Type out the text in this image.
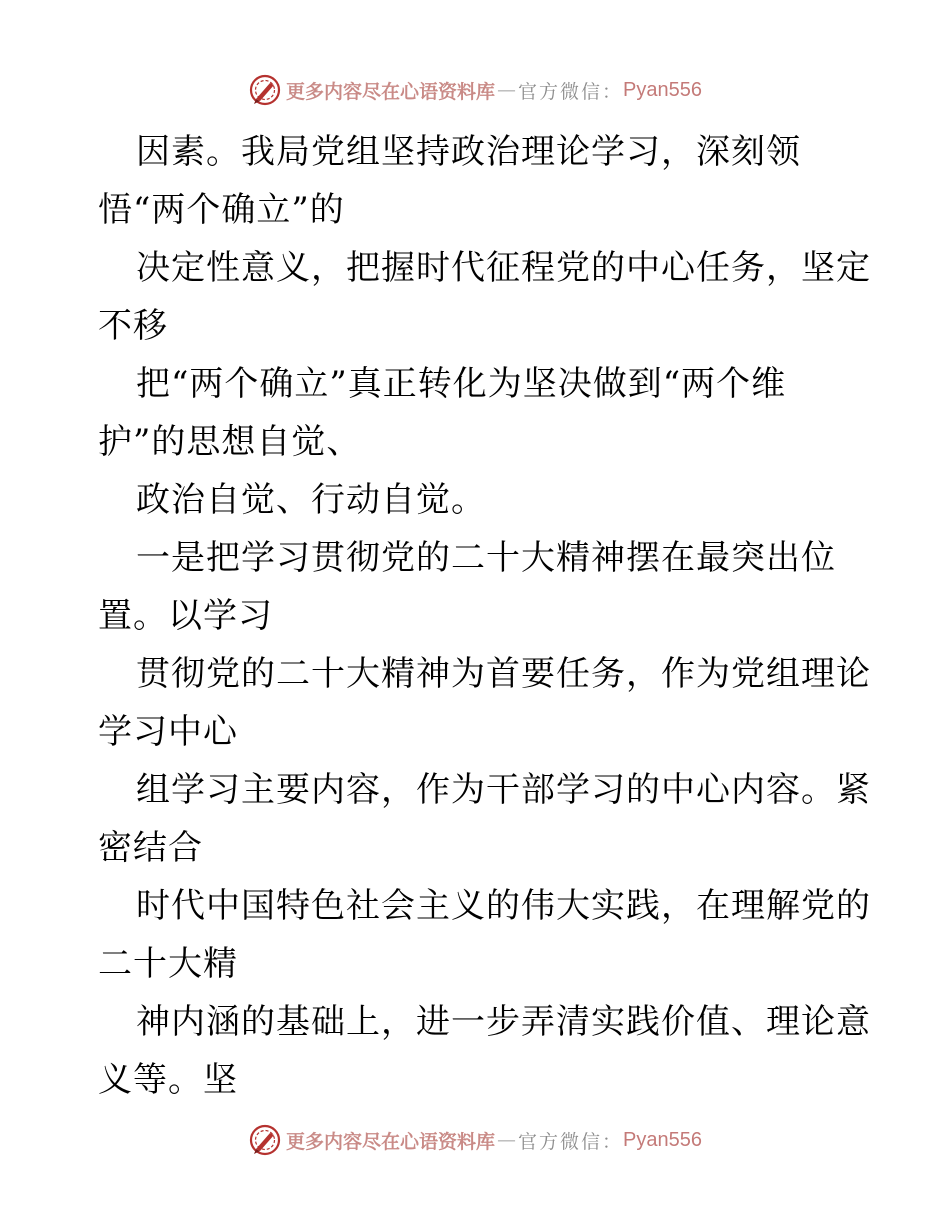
更多内容尽在心语资料库 — 官方微信： Pyan556
因素。我局党组坚持政治理论学习，深刻领
悟“两个确立”的
决定性意义，把握时代征程党的中心任务，坚定
不移
把“两个确立”真正转化为坚决做到“两个维
护”的思想自觉、
政治自觉、行动自觉。
一是把学习贯彻党的二十大精神摆在最突出位
置。以学习
贯彻党的二十大精神为首要任务，作为党组理论
学习中心
组学习主要内容，作为干部学习的中心内容。紧
密结合
时代中国特色社会主义的伟大实践，在理解党的
二十大精
神内涵的基础上，进一步弄清实践价值、理论意
义等。坚
更多内容尽在心语资料库 — 官方微信： Pyan556
